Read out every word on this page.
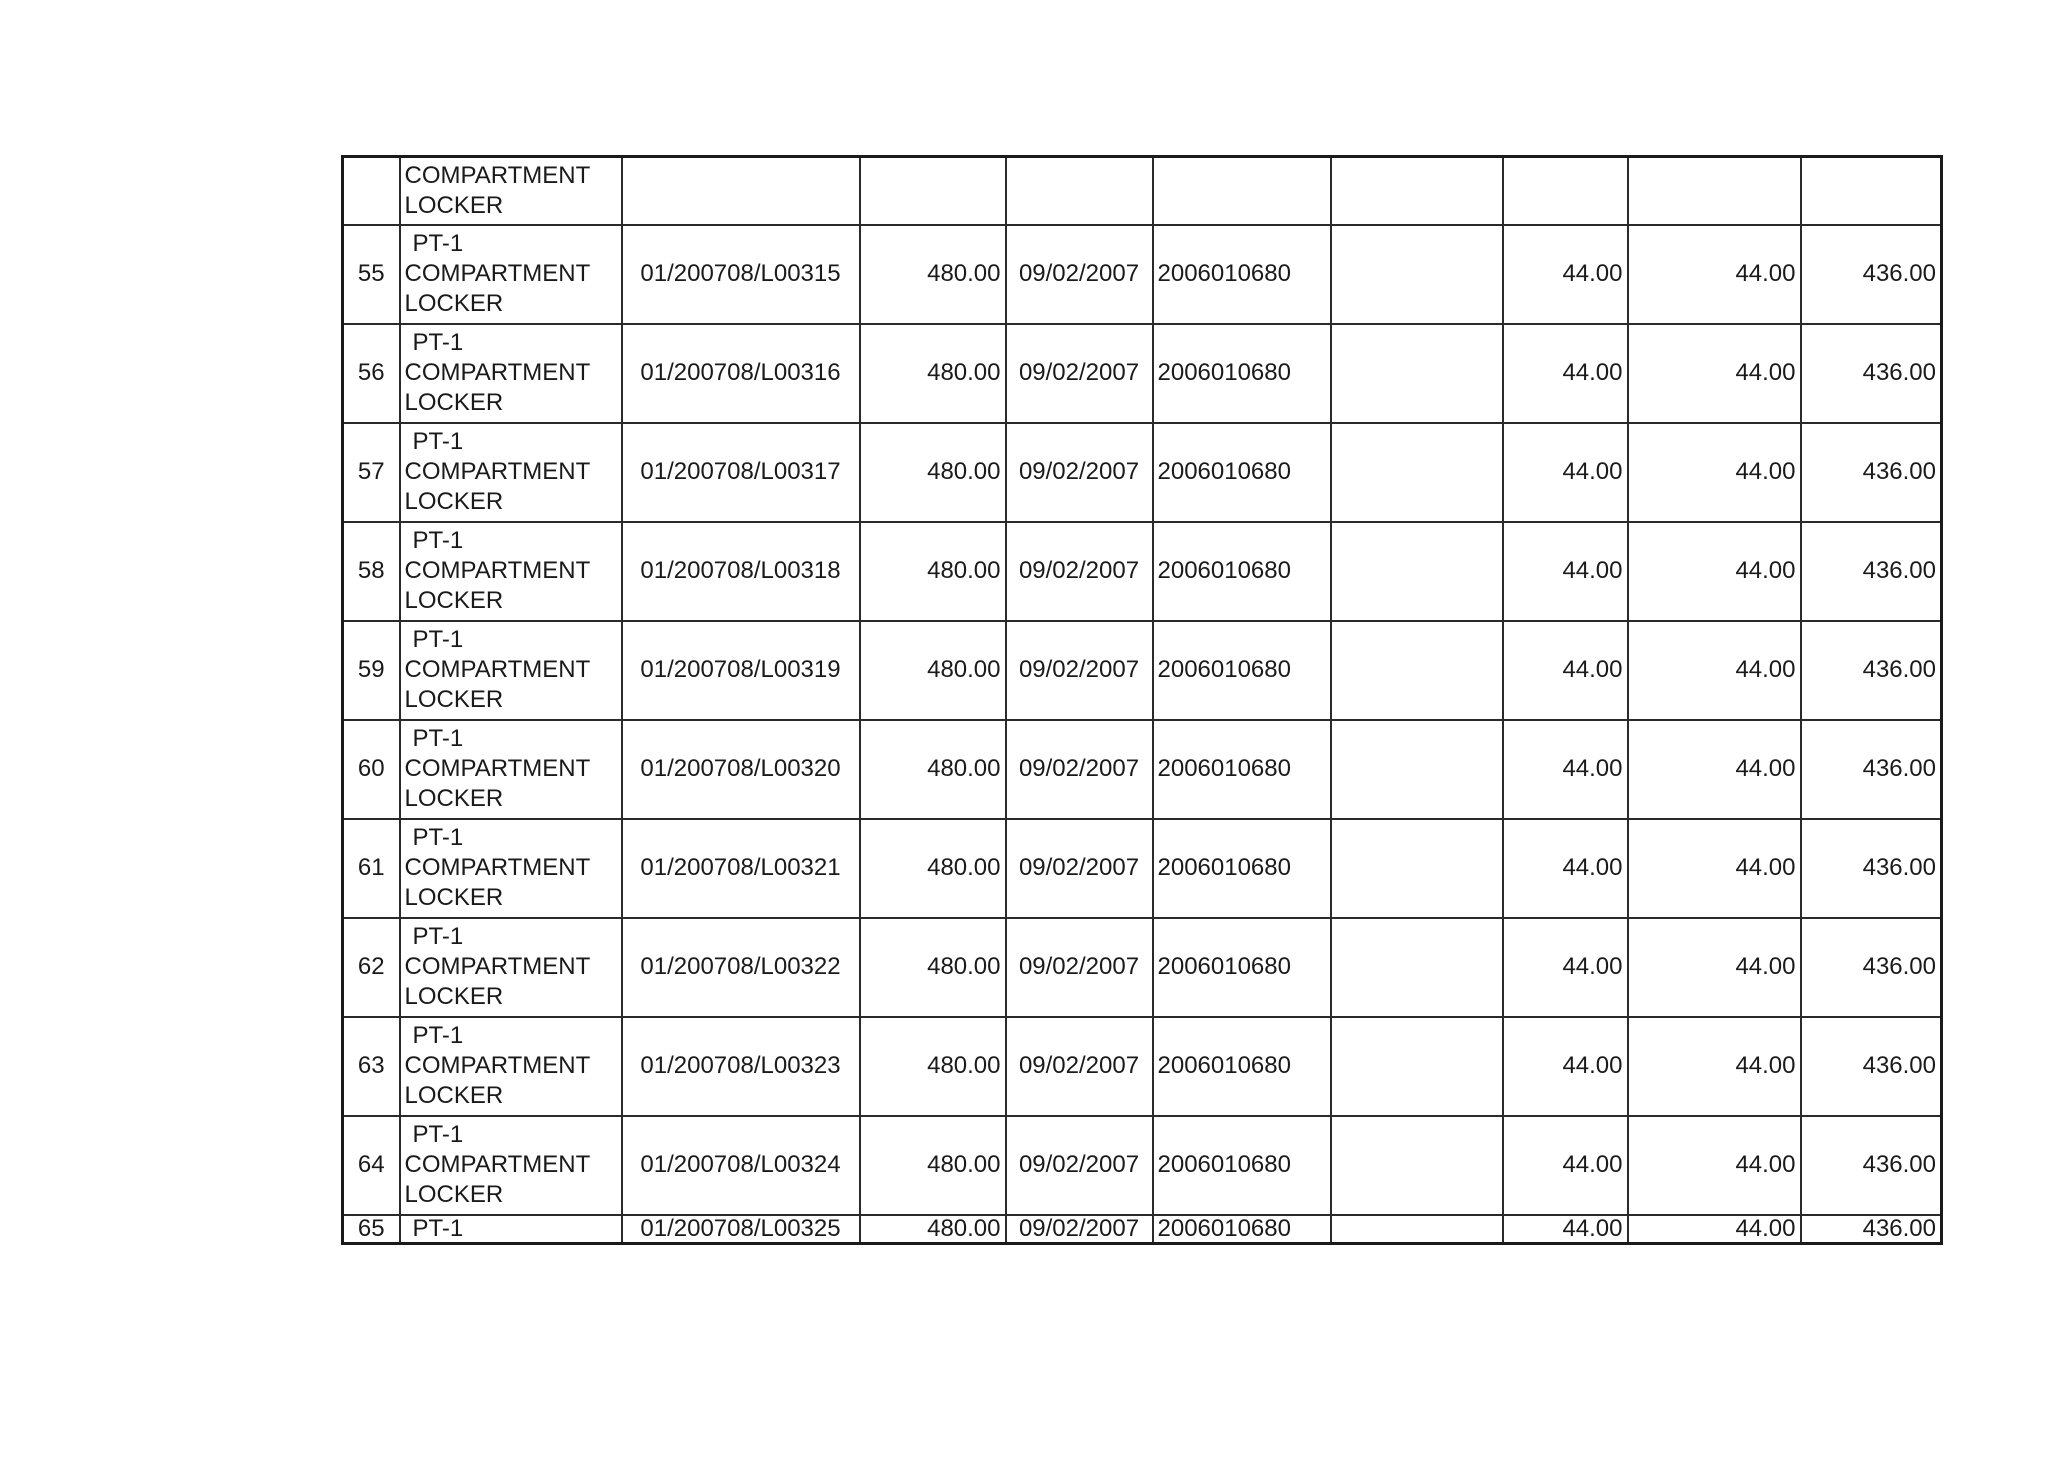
	COMPARTMENT
LOCKER								

55	PT-1
COMPARTMENT
LOCKER	01/200708/L00315	480.00	09/02/2007	2006010680		44.00	44.00	436.00
56	PT-1
COMPARTMENT
LOCKER	01/200708/L00316	480.00	09/02/2007	2006010680		44.00	44.00	436.00
57	PT-1
COMPARTMENT
LOCKER	01/200708/L00317	480.00	09/02/2007	2006010680		44.00	44.00	436.00
58	PT-1
COMPARTMENT
LOCKER	01/200708/L00318	480.00	09/02/2007	2006010680		44.00	44.00	436.00
59	PT-1
COMPARTMENT
LOCKER	01/200708/L00319	480.00	09/02/2007	2006010680		44.00	44.00	436.00
60	PT-1
COMPARTMENT
LOCKER	01/200708/L00320	480.00	09/02/2007	2006010680		44.00	44.00	436.00
61	PT-1
COMPARTMENT
LOCKER	01/200708/L00321	480.00	09/02/2007	2006010680		44.00	44.00	436.00
62	PT-1
COMPARTMENT
LOCKER	01/200708/L00322	480.00	09/02/2007	2006010680		44.00	44.00	436.00
63	PT-1
COMPARTMENT
LOCKER	01/200708/L00323	480.00	09/02/2007	2006010680		44.00	44.00	436.00
64	PT-1
COMPARTMENT
LOCKER	01/200708/L00324	480.00	09/02/2007	2006010680		44.00	44.00	436.00
65	PT-1	01/200708/L00325	480.00	09/02/2007	2006010680		44.00	44.00	436.00
